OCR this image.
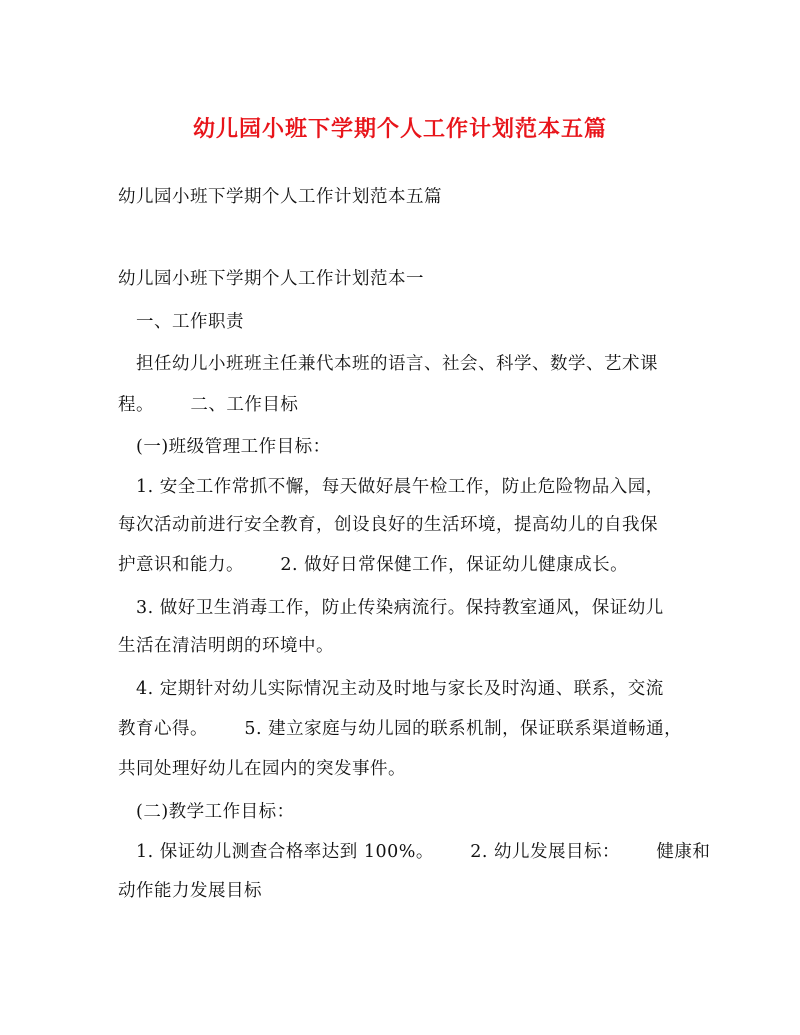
幼儿园小班下学期个人工作计划范本五篇
幼儿园小班下学期个人工作计划范本五篇
幼儿园小班下学期个人工作计划范本一
一、工作职责
担任幼儿小班班主任兼代本班的语言、社会、科学、数学、艺术课
程。      二、工作目标
(一)班级管理工作目标：
1. 安全工作常抓不懈，每天做好晨午检工作，防止危险物品入园，
每次活动前进行安全教育，创设良好的生活环境，提高幼儿的自我保
护意识和能力。      2. 做好日常保健工作，保证幼儿健康成长。
3. 做好卫生消毒工作，防止传染病流行。保持教室通风，保证幼儿
生活在清洁明朗的环境中。
4. 定期针对幼儿实际情况主动及时地与家长及时沟通、联系，交流
教育心得。      5. 建立家庭与幼儿园的联系机制，保证联系渠道畅通，
共同处理好幼儿在园内的突发事件。
(二)教学工作目标：
1. 保证幼儿测查合格率达到 100%。      2. 幼儿发展目标：      健康和
动作能力发展目标
